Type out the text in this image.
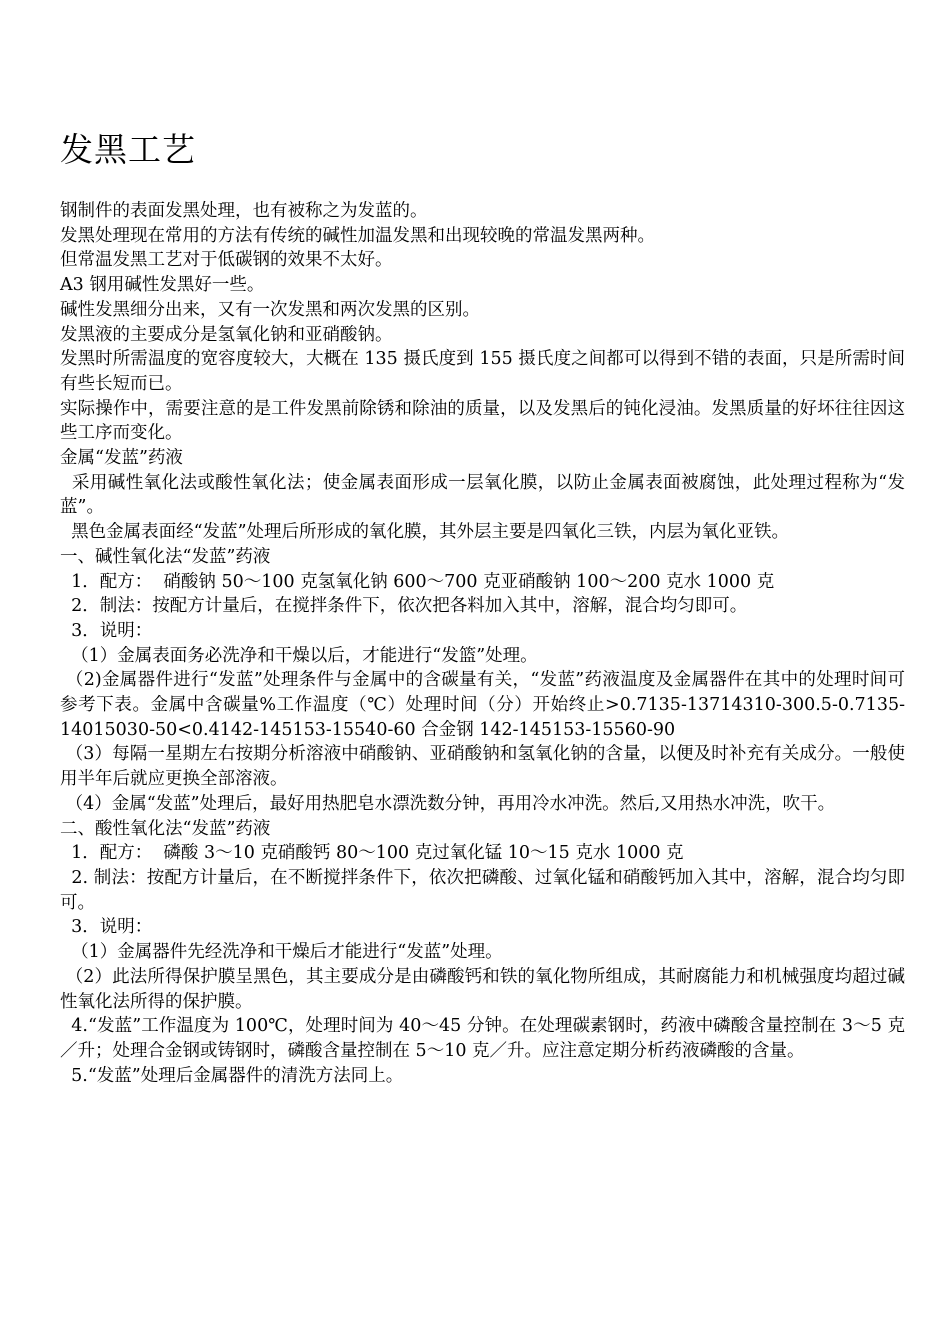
发黑工艺

钢制件的表面发黑处理，也有被称之为发蓝的。

发黑处理现在常用的方法有传统的碱性加温发黑和出现较晚的常温发黑两种。

但常温发黑工艺对于低碳钢的效果不太好。

A3 钢用碱性发黑好一些。

碱性发黑细分出来，又有一次发黑和两次发黑的区别。

发黑液的主要成分是氢氧化钠和亚硝酸钠。

发黑时所需温度的宽容度较大，大概在 135 摄氏度到 155 摄氏度之间都可以得到不错的表面，只是所需时间有些长短而已。

实际操作中，需要注意的是工件发黑前除锈和除油的质量，以及发黑后的钝化浸油。发黑质量的好坏往往因这些工序而变化。

金属“发蓝”药液

采用碱性氧化法或酸性氧化法；使金属表面形成一层氧化膜，以防止金属表面被腐蚀，此处理过程称为“发蓝”。

黑色金属表面经“发蓝”处理后所形成的氧化膜，其外层主要是四氧化三铁，内层为氧化亚铁。

一、碱性氧化法“发蓝”药液

1．配方：  硝酸钠 50～100 克氢氧化钠 600～700 克亚硝酸钠 100～200 克水 1000 克

2．制法：按配方计量后，在搅拌条件下，依次把各料加入其中，溶解，混合均匀即可。

3．说明：

（1）金属表面务必洗净和干燥以后，才能进行“发篮”处理。

（2)金属器件进行“发蓝”处理条件与金属中的含碳量有关，“发蓝”药液温度及金属器件在其中的处理时间可参考下表。金属中含碳量%工作温度（℃）处理时间（分）开始终止>0.7135-13714310-300.5-0.7135-14015030-50<0.4142-145153-15540-60 合金钢 142-145153-15560-90

（3）每隔一星期左右按期分析溶液中硝酸钠、亚硝酸钠和氢氧化钠的含量，以便及时补充有关成分。一般使用半年后就应更换全部溶液。

（4）金属“发蓝”处理后，最好用热肥皂水漂洗数分钟，再用冷水冲洗。然后,又用热水冲洗，吹干。

二、酸性氧化法“发蓝”药液

1．配方：  磷酸 3～10 克硝酸钙 80～100 克过氧化锰 10～15 克水 1000 克

2. 制法：按配方计量后，在不断搅拌条件下，依次把磷酸、过氧化锰和硝酸钙加入其中，溶解，混合均匀即可。

3．说明：

（1）金属器件先经洗净和干燥后才能进行“发蓝”处理。

（2）此法所得保护膜呈黑色，其主要成分是由磷酸钙和铁的氧化物所组成，其耐腐能力和机械强度均超过碱性氧化法所得的保护膜。

4.“发蓝”工作温度为 100℃，处理时间为 40～45 分钟。在处理碳素钢时，药液中磷酸含量控制在 3～5 克／升；处理合金钢或铸钢时，磷酸含量控制在 5～10 克／升。应注意定期分析药液磷酸的含量。

5.“发蓝”处理后金属器件的清洗方法同上。
